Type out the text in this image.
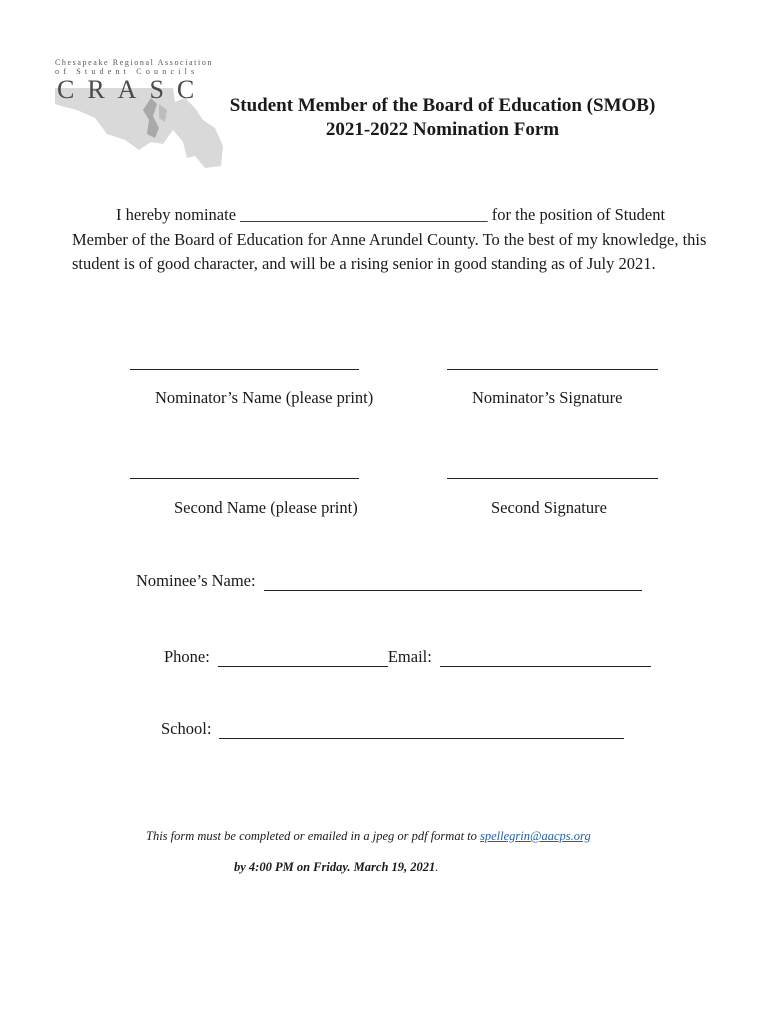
Chesapeake Regional Association
of Student Councils
CRASC
Student Member of the Board of Education (SMOB)
2021-2022 Nomination Form
I hereby nominate ______________________________ for the position of Student Member of the Board of Education for Anne Arundel County. To the best of my knowledge, this student is of good character, and will be a rising senior in good standing as of July 2021.
Nominator’s Name (please print)	Nominator’s Signature
Second Name (please print)	Second Signature
Nominee’s Name:
Phone:	Email:
School:
This form must be completed or emailed in a jpeg or pdf format to spellegrin@aacps.org
by 4:00 PM on Friday. March 19, 2021.
